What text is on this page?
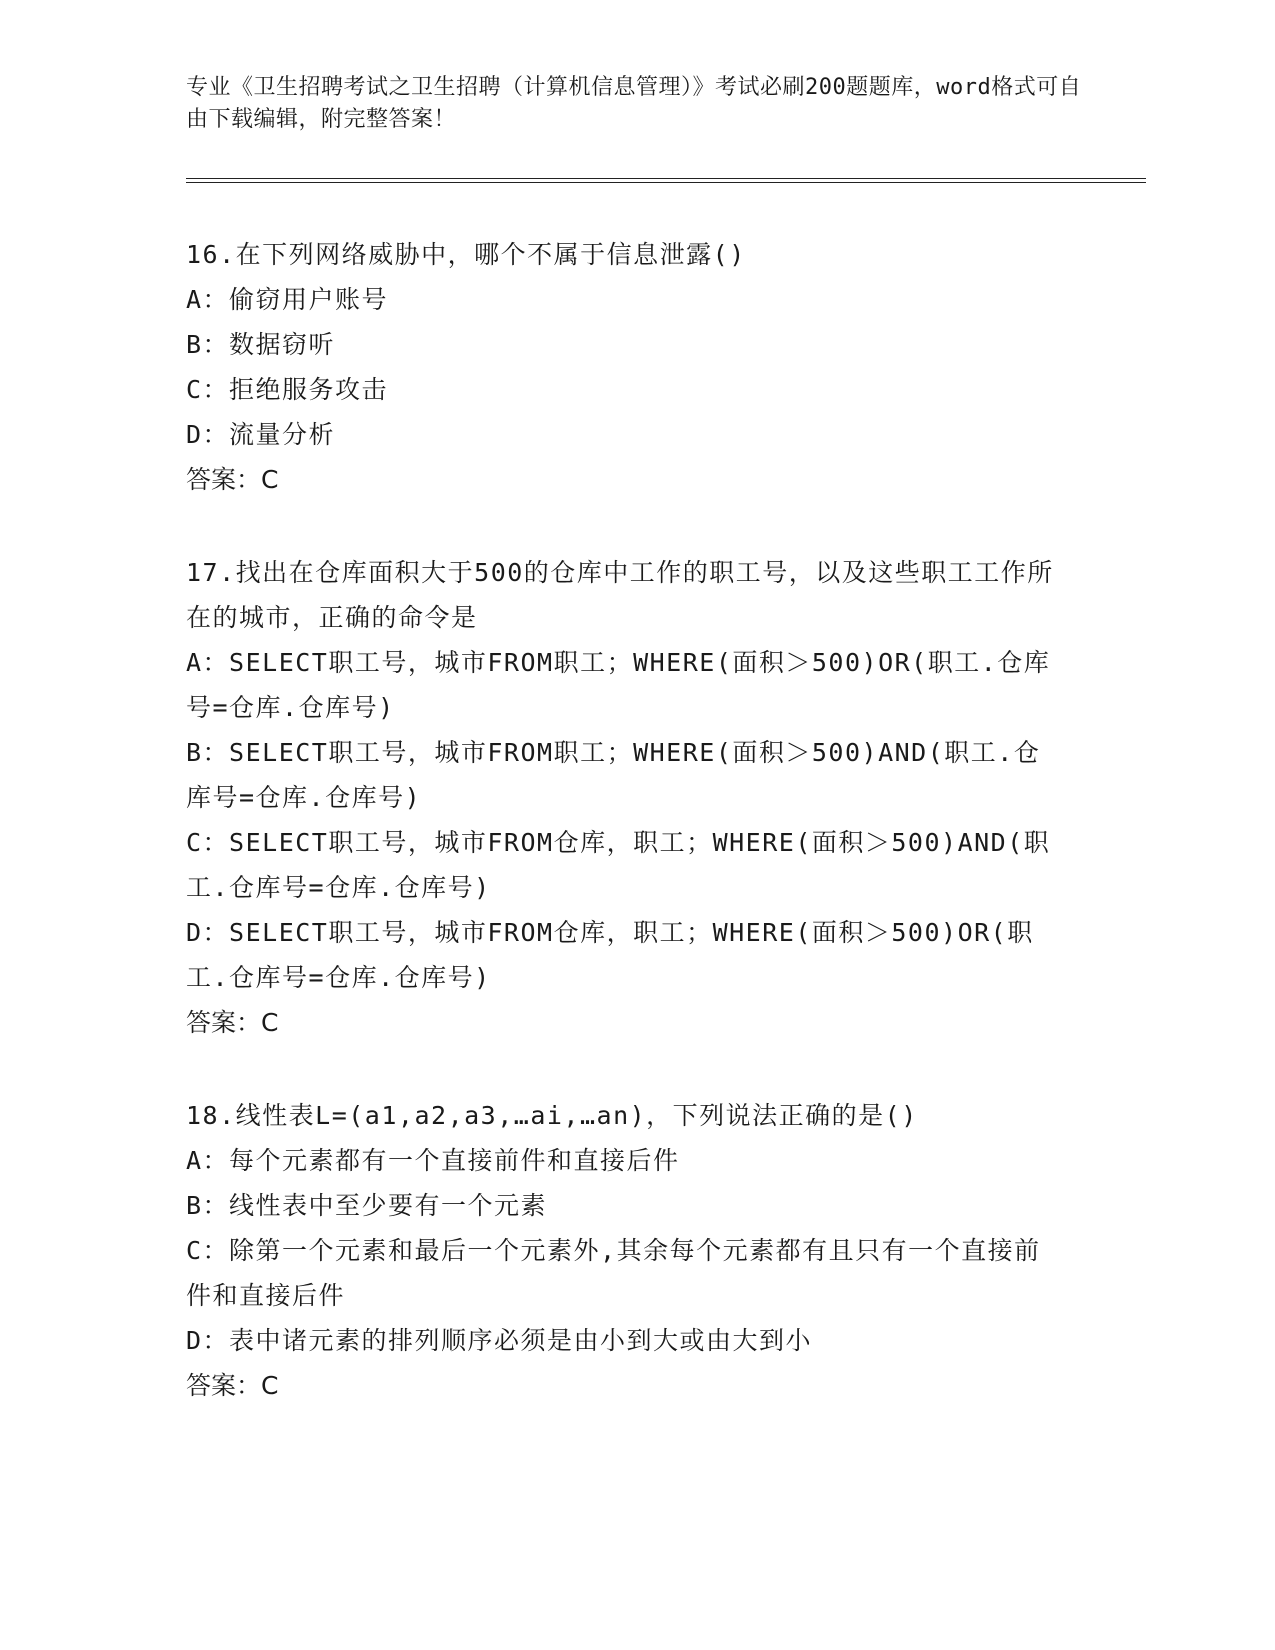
专业《卫生招聘考试之卫生招聘（计算机信息管理）》考试必刷200题题库，word格式可自由下载编辑，附完整答案！
16.在下列网络威胁中，哪个不属于信息泄露()
A：偷窃用户账号
B：数据窃听
C：拒绝服务攻击
D：流量分析
答案：C
17.找出在仓库面积大于500的仓库中工作的职工号，以及这些职工工作所在的城市，正确的命令是
A：SELECT职工号，城市FROM职工；WHERE(面积＞500)OR(职工.仓库号=仓库.仓库号)
B：SELECT职工号，城市FROM职工；WHERE(面积＞500)AND(职工.仓库号=仓库.仓库号)
C：SELECT职工号，城市FROM仓库，职工；WHERE(面积＞500)AND(职工.仓库号=仓库.仓库号)
D：SELECT职工号，城市FROM仓库，职工；WHERE(面积＞500)OR(职工.仓库号=仓库.仓库号)
答案：C
18.线性表L=(a1,a2,a3,…ai,…an)，下列说法正确的是()
A：每个元素都有一个直接前件和直接后件
B：线性表中至少要有一个元素
C：除第一个元素和最后一个元素外,其余每个元素都有且只有一个直接前件和直接后件
D：表中诸元素的排列顺序必须是由小到大或由大到小
答案：C
